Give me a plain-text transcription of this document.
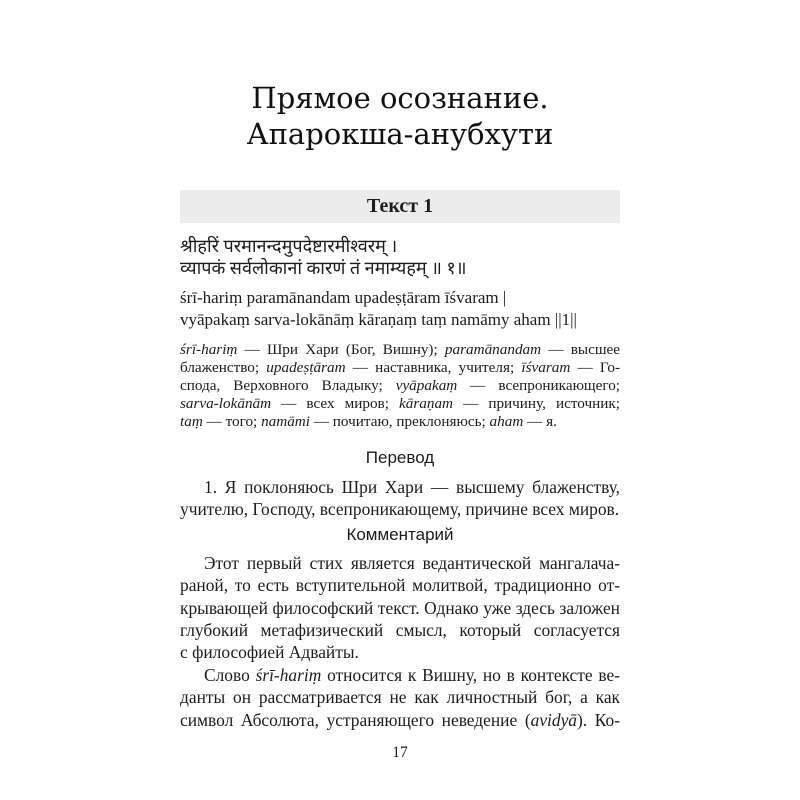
Прямое осознание.
Апарокша-анубхути
Текст 1
श्रीहरिं परमानन्दमुपदेष्टारमीश्वरम् ।
व्यापकं सर्वलोकानां कारणं तं नमाम्यहम् ॥ १॥
śrī-hariṃ paramānandam upadeṣṭāram īśvaram |
vyāpakaṃ sarva-lokānāṃ kāraṇaṃ taṃ namāmy aham ||1||
śrī-hariṃ — Шри Хари (Бог, Вишну); paramānandam — высшее
блаженство; upadeṣṭāram — наставника, учителя; īśvaram — Го-
спода, Верховного Владыку; vyāpakaṃ — всепроникающего;
sarva-lokānām — всех миров; kāraṇam — причину, источник;
taṃ — того; namāmi — почитаю, преклоняюсь; aham — я.
Перевод
1. Я поклоняюсь Шри Хари — высшему блаженству,
учителю, Господу, всепроникающему, причине всех миров.
Комментарий
Этот первый стих является ведантической мангалача-
раной, то есть вступительной молитвой, традиционно от-
крывающей философский текст. Однако уже здесь заложен
глубокий метафизический смысл, который согласуется
с философией Адвайты.
Слово śrī-hariṃ относится к Вишну, но в контексте ве-
данты он рассматривается не как личностный бог, а как
символ Абсолюта, устраняющего неведение (avidyā). Ко-
17
